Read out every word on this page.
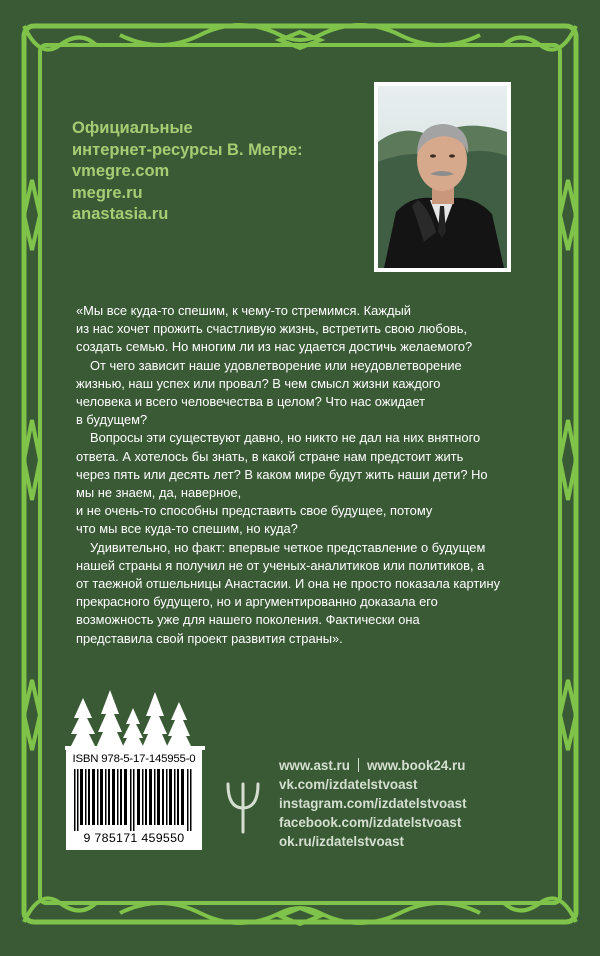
Официальные
интернет-ресурсы В. Мегре:
vmegre.com
megre.ru
anastasia.ru

«Мы все куда-то спешим, к чему-то стремимся. Каждый
из нас хочет прожить счастливую жизнь, встретить свою любовь,
создать семью. Но многим ли из нас удается достичь желаемого?

От чего зависит наше удовлетворение или неудовлетворение
жизнью, наш успех или провал? В чем смысл жизни каждого
человека и всего человечества в целом? Что нас ожидает
в будущем?

Вопросы эти существуют давно, но никто не дал на них внятного
ответа. А хотелось бы знать, в какой стране нам предстоит жить
через пять или десять лет? В каком мире будут жить наши дети? Но
мы не знаем, да, наверное,
и не очень-то способны представить свое будущее, потому
что мы все куда-то спешим, но куда?

Удивительно, но факт: впервые четкое представление о будущем
нашей страны я получил не от ученых-аналитиков или политиков, а
от таежной отшельницы Анастасии. И она не просто показала картину
прекрасного будущего, но и аргументированно доказала его
возможность уже для нашего поколения. Фактически она
представила свой проект развития страны».

ISBN 978-5-17-145955-0
9 785171 459550
www.ast.ru www.book24.ru
vk.com/izdatelstvoast
instagram.com/izdatelstvoast
facebook.com/izdatelstvoast
ok.ru/izdatelstvoast
